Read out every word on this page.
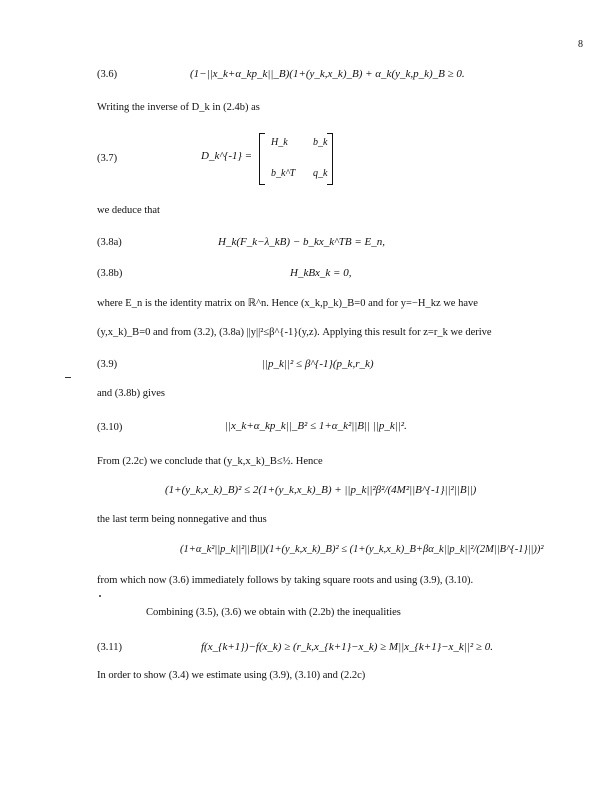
8
(3.6)	(1−||x_k+α_kp_k||_B)(1+(y_k,x_k)_B) + α_k(y_k,p_k)_B ≥ 0.
Writing the inverse of D_k in (2.4b) as
(3.7)	D_k^{-1} =
H_k	b_k
b_k^T q_k
we deduce that
(3.8a)	H_k(F_k−λ_kB) − b_kx_k^TB = E_n,
(3.8b)	H_kBx_k = 0,
where E_n is the identity matrix on ℝ^n. Hence (x_k,p_k)_B=0 and for y=−H_kz we have
(y,x_k)_B=0 and from (3.2), (3.8a) ||y||²≤β^{-1}(y,z). Applying this result for z=r_k we derive
(3.9)	||p_k||² ≤ β^{-1}(p_k,r_k)
and (3.8b) gives
(3.10)	||x_k+α_kp_k||_B² ≤ 1+α_k²||B|| ||p_k||².
From (2.2c) we conclude that (y_k,x_k)_B≤½. Hence
(1+(y_k,x_k)_B)² ≤ 2(1+(y_k,x_k)_B) + ||p_k||²β²/(4M²||B^{-1}||²||B||)
the last term being nonnegative and thus
(1+α_k²||p_k||²||B||)(1+(y_k,x_k)_B)² ≤ (1+(y_k,x_k)_B+βα_k||p_k||²/(2M||B^{-1}||))²
from which now (3.6) immediately follows by taking square roots and using (3.9), (3.10).
Combining (3.5), (3.6) we obtain with (2.2b) the inequalities
(3.11)	f(x_{k+1})−f(x_k) ≥ (r_k,x_{k+1}−x_k) ≥ M||x_{k+1}−x_k||² ≥ 0.
In order to show (3.4) we estimate using (3.9), (3.10) and (2.2c)
